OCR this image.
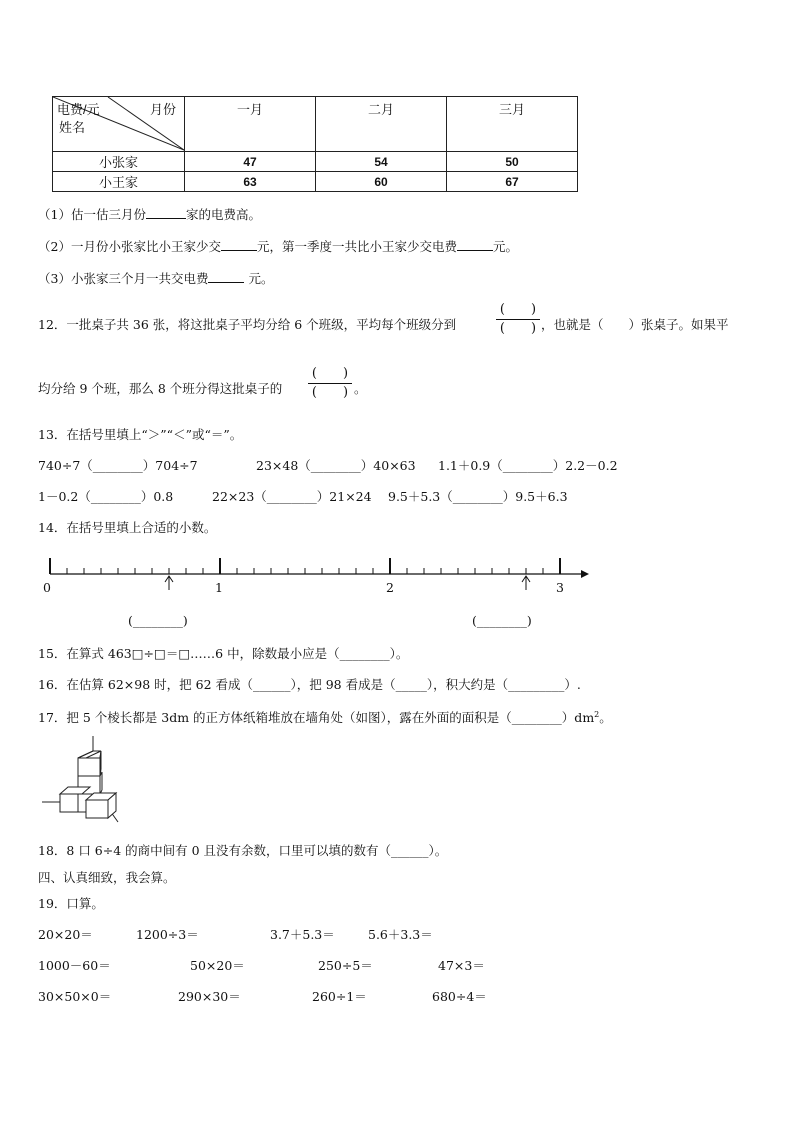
电费/元 月份
姓名	一月	二月	三月
小张家	47	54	50
小王家	63	60	67
（1）估一估三月份	家的电费高。
（2）一月份小张家比小王家少交	元，第一季度一共比小王家少交电费	元。
（3）小张家三个月一共交电费	元。
12．一批桌子共 36 张，将这批桌子平均分给 6 个班级，平均每个班级分到
(　　)
(　　) ，也就是（　　）张桌子。如果平
均分给 9 个班，那么 8 个班分得这批桌子的
(　　)
(　　) 。
13．在括号里填上“＞”“＜”或“＝”。
740÷7（________）704÷7	23×48（________）40×63 1.1＋0.9（________）2.2－0.2
1－0.2（________）0.8	22×23（________）21×24 9.5＋5.3（________）9.5＋6.3
14．在括号里填上合适的小数。
0	1	2	3
(________)	(________)
15．在算式 463□÷□＝□……6 中，除数最小应是（________）。
16．在估算 62×98 时，把 62 看成（______），把 98 看成是（_____），积大约是（_________）.
17．把 5 个棱长都是 3dm 的正方体纸箱堆放在墙角处（如图），露在外面的面积是$(\_\_\_\_\_\_\_\_)dm^2$。
18．8 口 6÷4 的商中间有 0 且没有余数，口里可以填的数有（______）。
四、认真细致，我会算。
19．口算。
20×20＝	1200÷3＝	3.7＋5.3＝	5.6＋3.3＝
1000－60＝	50×20＝	250÷5＝	47×3＝
30×50×0＝	290×30＝	260÷1＝	680÷4＝
